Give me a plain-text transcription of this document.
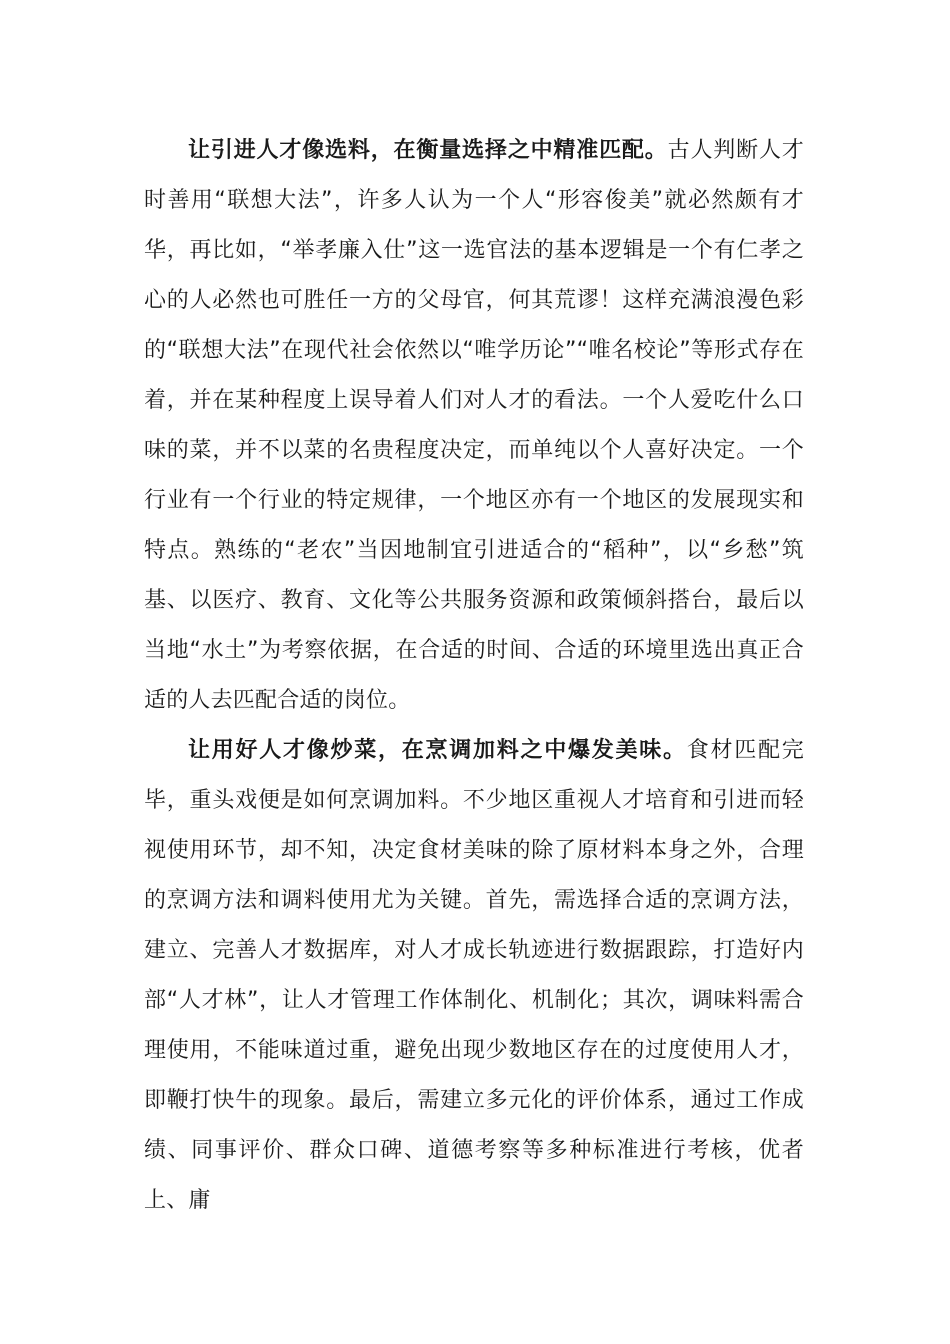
让引进人才像选料，在衡量选择之中精准匹配。古人判断人才时善用“联想大法”，许多人认为一个人“形容俊美”就必然颇有才华，再比如，“举孝廉入仕”这一选官法的基本逻辑是一个有仁孝之心的人必然也可胜任一方的父母官，何其荒谬！这样充满浪漫色彩的“联想大法”在现代社会依然以“唯学历论”“唯名校论”等形式存在着，并在某种程度上误导着人们对人才的看法。一个人爱吃什么口味的菜，并不以菜的名贵程度决定，而单纯以个人喜好决定。一个行业有一个行业的特定规律，一个地区亦有一个地区的发展现实和特点。熟练的“老农”当因地制宜引进适合的“稻种”，以“乡愁”筑基、以医疗、教育、文化等公共服务资源和政策倾斜搭台，最后以当地“水土”为考察依据，在合适的时间、合适的环境里选出真正合适的人去匹配合适的岗位。

让用好人才像炒菜，在烹调加料之中爆发美味。食材匹配完毕，重头戏便是如何烹调加料。不少地区重视人才培育和引进而轻视使用环节，却不知，决定食材美味的除了原材料本身之外，合理的烹调方法和调料使用尤为关键。首先，需选择合适的烹调方法，建立、完善人才数据库，对人才成长轨迹进行数据跟踪，打造好内部“人才林”，让人才管理工作体制化、机制化；其次，调味料需合理使用，不能味道过重，避免出现少数地区存在的过度使用人才，即鞭打快牛的现象。最后，需建立多元化的评价体系，通过工作成绩、同事评价、群众口碑、道德考察等多种标准进行考核，优者上、庸
